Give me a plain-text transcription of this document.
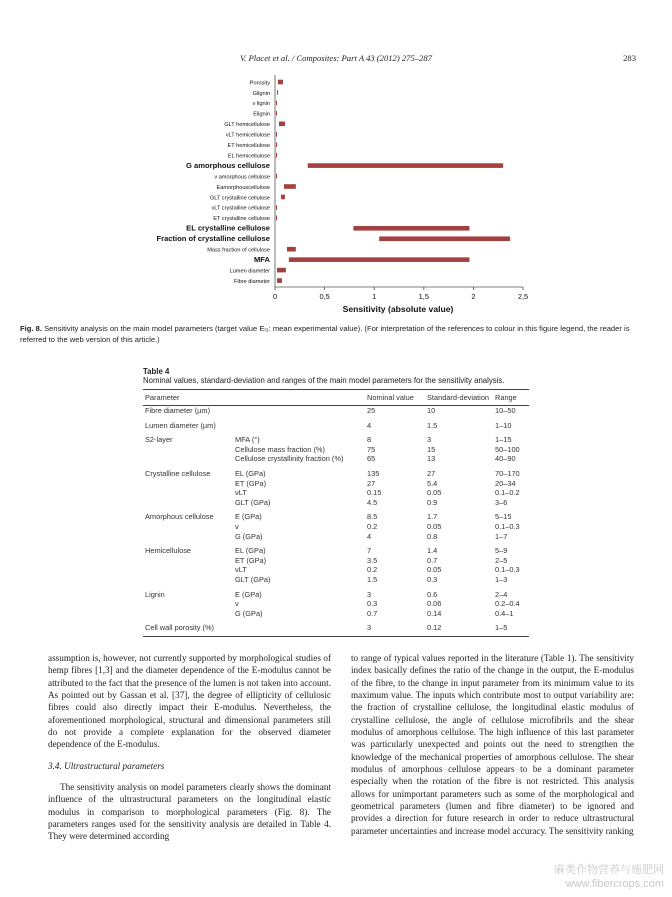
V. Placet et al. / Composites: Part A 43 (2012) 275–287	283
Porosity
Glignin
ν lignin
Elignin
GLT hemicellulose
νLT hemicellulose
ET hemicellulose
EL hemicellulose
G amorphous cellulose
ν amorphous cellulose
Eamorphouscellulose
GLT crystalline cellulose
νLT crystalline cellulose
ET crystalline cellulose
EL crystalline cellulose
Fraction of crystalline cellulose
Mass fraction of cellulose
MFA
Lumen diameter
Fibre diameter
0	0,5	1	1,5	2	2,5
Sensitivity (absolute value)
Fig. 8. Sensitivity analysis on the main model parameters (target value Eₗ₂: mean experimental value). (For interpretation of the references to colour in this figure legend, the reader is referred to the web version of this article.)
Table 4
Nominal values, standard-deviation and ranges of the main model parameters for the sensitivity analysis.
Parameter		Nominal value	Standard-deviation	Range
Fibre diameter (µm)		25	10	10–50
Lumen diameter (µm)		4	1.5	1–10
S2-layer	MFA (°)	8	3	1–15
	Cellulose mass fraction (%)	75	15	50–100
	Cellulose crystallinity fraction (%)	65	13	40–90
Crystalline cellulose	EL (GPa)	135	27	70–170
	ET (GPa)	27	5.4	20–34
	νLT	0.15	0.05	0.1–0.2
	GLT (GPa)	4.5	0.9	3–6
Amorphous cellulose	E (GPa)	8.5	1.7	5–15
	ν	0.2	0.05	0.1–0.3
	G (GPa)	4	0.8	1–7
Hemicellulose	EL (GPa)	7	1.4	5–9
	ET (GPa)	3.5	0.7	2–5
	νLT	0.2	0.05	0.1–0.3
	GLT (GPa)	1.5	0.3	1–3
Lignin	E (GPa)	3	0.6	2–4
	ν	0.3	0.06	0.2–0.4
	G (GPa)	0.7	0.14	0.4–1
Cell wall porosity (%)		3	0.12	1–5

assumption is, however, not currently supported by morphological studies of hemp fibres [1,3] and the diameter dependence of the E-modulus cannot be attributed to the fact that the presence of the lumen is not taken into account. As pointed out by Gassan et al. [37], the degree of ellipticity of cellulosic fibres could also directly impact their E-modulus. Nevertheless, the aforementioned morphological, structural and dimensional parameters still do not provide a complete explanation for the observed diameter dependence of the E-modulus.

3.4. Ultrastructural parameters

The sensitivity analysis on model parameters clearly shows the dominant influence of the ultrastructural parameters on the longitudinal elastic modulus in comparison to morphological parameters (Fig. 8). The parameters ranges used for the sensitivity analysis are detailed in Table 4. They were determined according

to range of typical values reported in the literature (Table 1). The sensitivity index basically defines the ratio of the change in the output, the E-modulus of the fibre, to the change in input parameter from its minimum value to its maximum value. The inputs which contribute most to output variability are: the fraction of crystalline cellulose, the longitudinal elastic modulus of crystalline cellulose, the angle of cellulose microfibrils and the shear modulus of amorphous cellulose. The high influence of this last parameter was particularly unexpected and points out the need to strengthen the knowledge of the mechanical properties of amorphous cellulose. The shear modulus of amorphous cellulose appears to be a dominant parameter especially when the rotation of the fibre is not restricted. This analysis allows for unimportant parameters such as some of the morphological and geometrical parameters (lumen and fibre diameter) to be ignored and provides a direction for future research in order to reduce ultrastructural parameter uncertainties and increase model accuracy. The sensitivity ranking

麻类作物营养与施肥网
www.fibercrops.com
